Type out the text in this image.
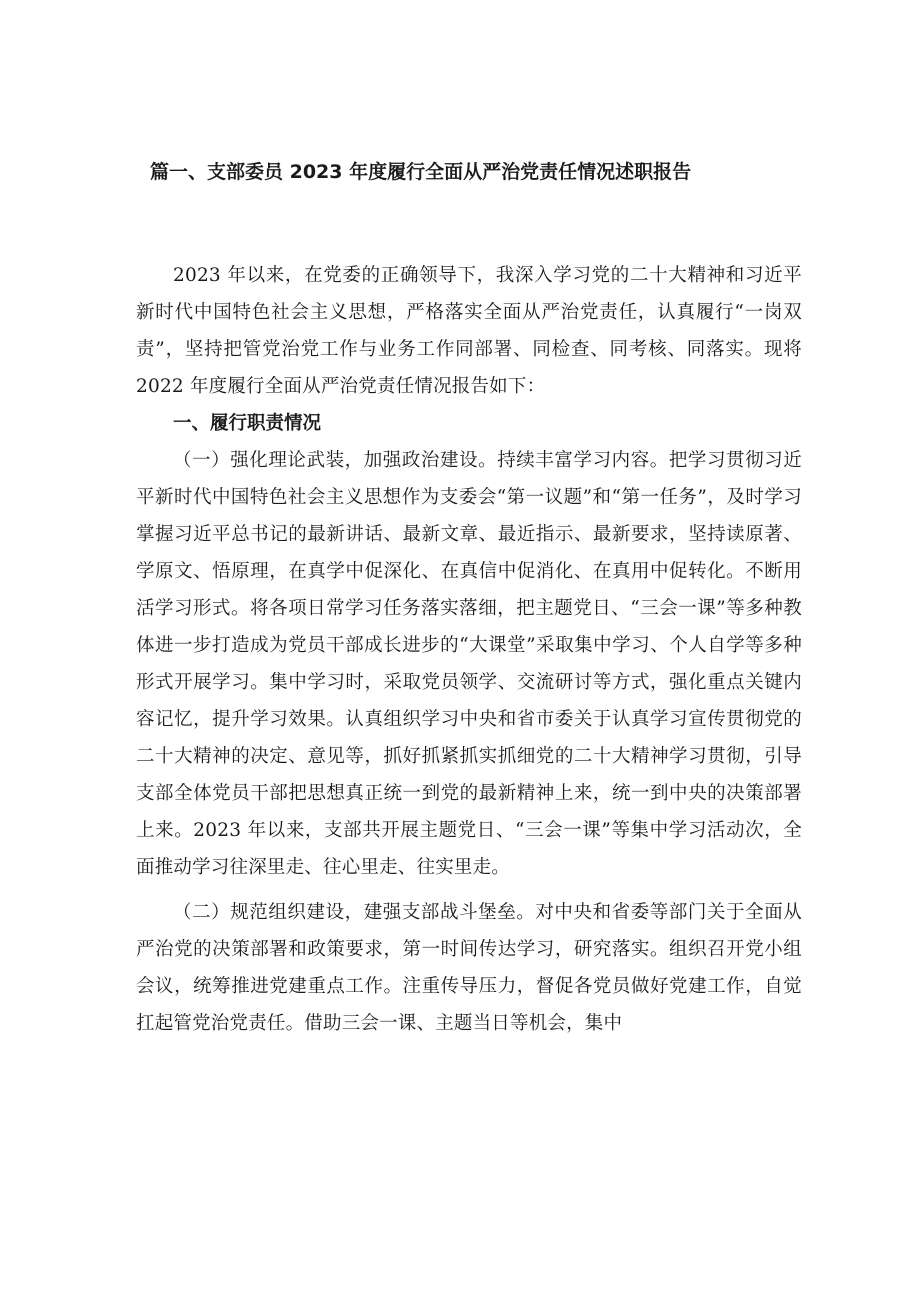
篇一、支部委员 2023 年度履行全面从严治党责任情况述职报告

2023 年以来，在党委的正确领导下，我深入学习党的二十大精神和习近平新时代中国特色社会主义思想，严格落实全面从严治党责任，认真履行“一岗双责”，坚持把管党治党工作与业务工作同部署、同检查、同考核、同落实。现将 2022 年度履行全面从严治党责任情况报告如下：

一、履行职责情况

（一）强化理论武装，加强政治建设。持续丰富学习内容。把学习贯彻习近平新时代中国特色社会主义思想作为支委会“第一议题”和“第一任务”，及时学习掌握习近平总书记的最新讲话、最新文章、最近指示、最新要求，坚持读原著、学原文、悟原理，在真学中促深化、在真信中促消化、在真用中促转化。不断用活学习形式。将各项日常学习任务落实落细，把主题党日、“三会一课”等多种教体进一步打造成为党员干部成长进步的“大课堂”采取集中学习、个人自学等多种形式开展学习。集中学习时，采取党员领学、交流研讨等方式，强化重点关键内容记忆，提升学习效果。认真组织学习中央和省市委关于认真学习宣传贯彻党的二十大精神的决定、意见等，抓好抓紧抓实抓细党的二十大精神学习贯彻，引导支部全体党员干部把思想真正统一到党的最新精神上来，统一到中央的决策部署上来。2023 年以来，支部共开展主题党日、“三会一课”等集中学习活动次，全面推动学习往深里走、往心里走、往实里走。

（二）规范组织建设，建强支部战斗堡垒。对中央和省委等部门关于全面从严治党的决策部署和政策要求，第一时间传达学习，研究落实。组织召开党小组会议，统筹推进党建重点工作。注重传导压力，督促各党员做好党建工作，自觉扛起管党治党责任。借助三会一课、主题当日等机会，集中
